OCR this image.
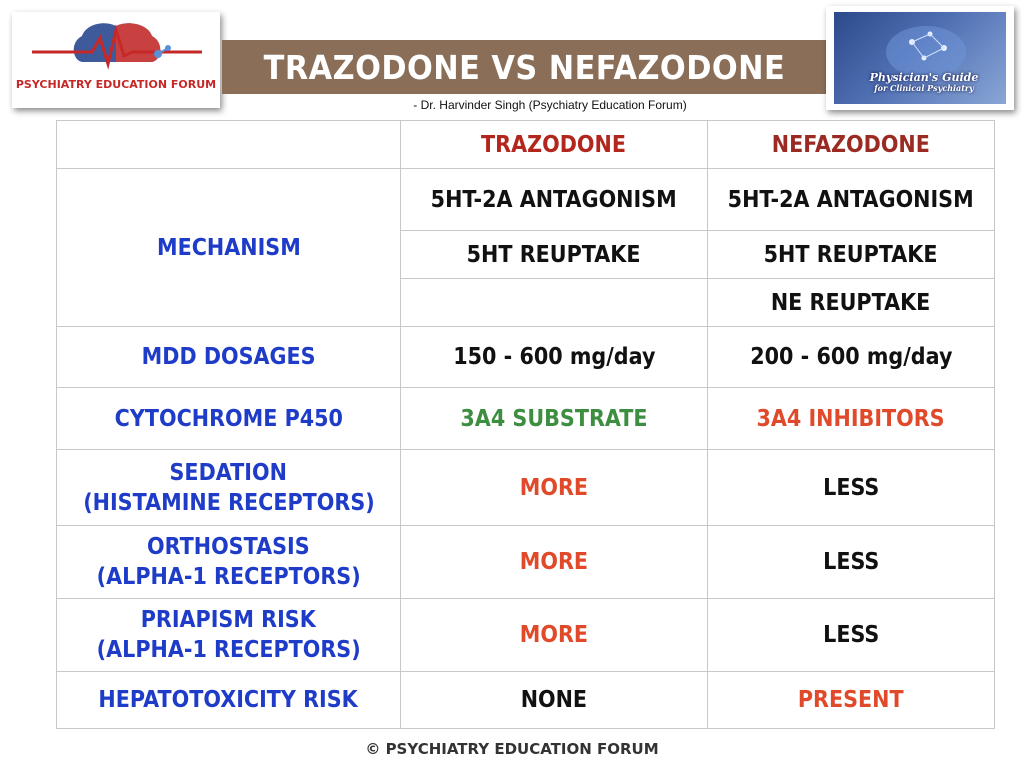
PSYCHIATRY EDUCATION FORUM TRAZODONE VS NEFAZODONE	Physician's Guide
for Clinical Psychiatry
- Dr. Harvinder Singh (Psychiatry Education Forum)
	TRAZODONE	NEFAZODONE
MECHANISM	5HT-2A ANTAGONISM	5HT-2A ANTAGONISM
	5HT REUPTAKE	5HT REUPTAKE
		NE REUPTAKE
MDD DOSAGES	150 - 600 mg/day	200 - 600 mg/day
CYTOCHROME P450	3A4 SUBSTRATE	3A4 INHIBITORS
SEDATION
(HISTAMINE RECEPTORS)	MORE	LESS
ORTHOSTASIS
(ALPHA-1 RECEPTORS)	MORE	LESS
PRIAPISM RISK
(ALPHA-1 RECEPTORS)	MORE	LESS
HEPATOTOXICITY RISK	NONE	PRESENT
© PSYCHIATRY EDUCATION FORUM
